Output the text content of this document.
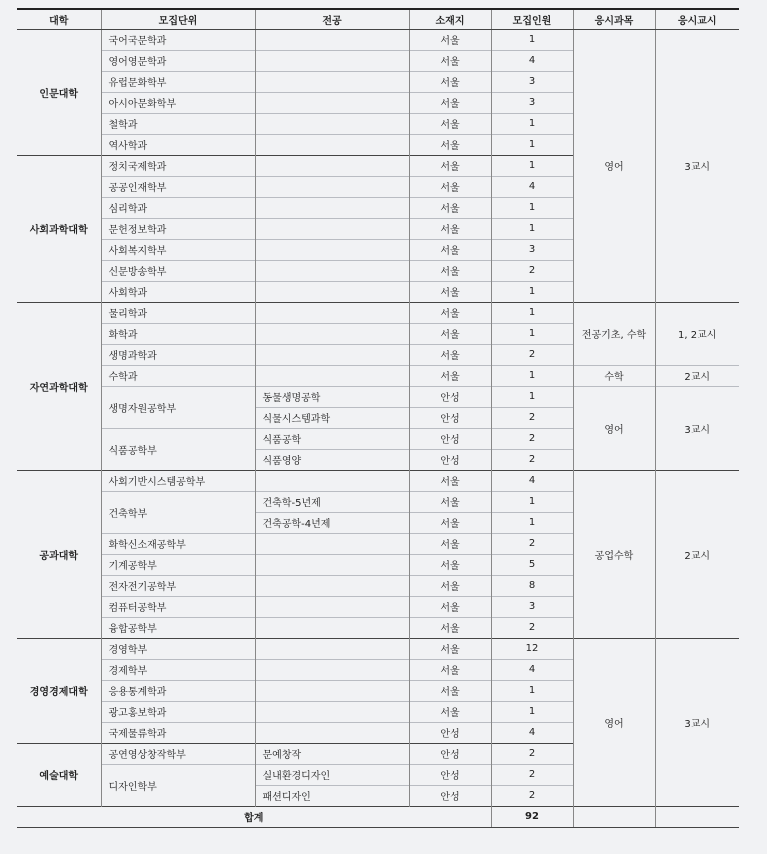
대학	모집단위	전공	소재지	모집인원	응시과목	응시교시
인문대학	국어국문학과		서울	1	영어	3교시
	영어영문학과		서울	4		
	유럽문화학부		서울	3		
	아시아문화학부		서울	3		
	철학과		서울	1		
	역사학과		서울	1		
사회과학대학	정치국제학과		서울	1		
	공공인재학부		서울	4		
	심리학과		서울	1		
	문헌정보학과		서울	1		
	사회복지학부		서울	3		
	신문방송학부		서울	2		
	사회학과		서울	1		
자연과학대학	물리학과		서울	1	전공기초, 수학	1, 2교시
	화학과		서울	1		
	생명과학과		서울	2		
	수학과		서울	1	수학	2교시
	생명자원공학부	동물생명공학	안성	1	영어	3교시
		식물시스템과학	안성	2		
	식품공학부	식품공학	안성	2		
		식품영양	안성	2		
공과대학	사회기반시스템공학부		서울	4	공업수학	2교시
	건축학부	건축학-5년제	서울	1		
		건축공학-4년제	서울	1		
	화학신소재공학부		서울	2		
	기계공학부		서울	5		
	전자전기공학부		서울	8		
	컴퓨터공학부		서울	3		
	융합공학부		서울	2		
경영경제대학	경영학부		서울	12	영어	3교시
	경제학부		서울	4		
	응용통계학과		서울	1		
	광고홍보학과		서울	1		
	국제물류학과		안성	4		
예술대학	공연영상창작학부	문예창작	안성	2		
	디자인학부	실내환경디자인	안성	2		
		패션디자인	안성	2		
합계				92		
